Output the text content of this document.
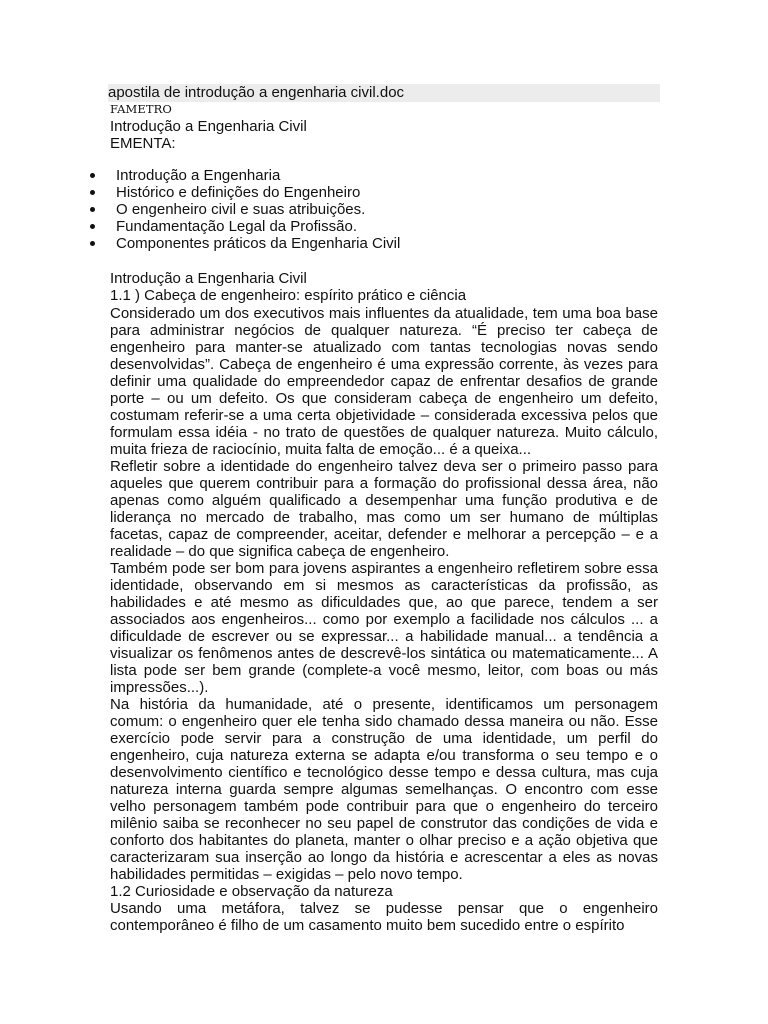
apostila de introdução a engenharia civil.doc
FAMETRO
Introdução a Engenharia Civil
EMENTA:
Introdução a Engenharia
Histórico e definições do Engenheiro
O engenheiro civil e suas atribuições.
Fundamentação Legal da Profissão.
Componentes práticos da Engenharia Civil
Introdução a Engenharia Civil
1.1 ) Cabeça de engenheiro: espírito prático e ciência

Considerado um dos executivos mais influentes da atualidade, tem uma boa base para administrar negócios de qualquer natureza. “É preciso ter cabeça de engenheiro para manter-se atualizado com tantas tecnologias novas sendo desenvolvidas”. Cabeça de engenheiro é uma expressão corrente, às vezes para definir uma qualidade do empreendedor capaz de enfrentar desafios de grande porte – ou um defeito. Os que consideram cabeça de engenheiro um defeito, costumam referir-se a uma certa objetividade – considerada excessiva pelos que formulam essa idéia - no trato de questões de qualquer natureza. Muito cálculo, muita frieza de raciocínio, muita falta de emoção... é a queixa...

Refletir sobre a identidade do engenheiro talvez deva ser o primeiro passo para aqueles que querem contribuir para a formação do profissional dessa área, não apenas como alguém qualificado a desempenhar uma função produtiva e de liderança no mercado de trabalho, mas como um ser humano de múltiplas facetas, capaz de compreender, aceitar, defender e melhorar a percepção – e a realidade – do que significa cabeça de engenheiro.

Também pode ser bom para jovens aspirantes a engenheiro refletirem sobre essa identidade, observando em si mesmos as características da profissão, as habilidades e até mesmo as dificuldades que, ao que parece, tendem a ser associados aos engenheiros... como por exemplo a facilidade nos cálculos ... a dificuldade de escrever ou se expressar... a habilidade manual... a tendência a visualizar os fenômenos antes de descrevê-los sintática ou matematicamente... A lista pode ser bem grande (complete-a você mesmo, leitor, com boas ou más impressões...).

Na história da humanidade, até o presente, identificamos um personagem comum: o engenheiro quer ele tenha sido chamado dessa maneira ou não. Esse exercício pode servir para a construção de uma identidade, um perfil do engenheiro, cuja natureza externa se adapta e/ou transforma o seu tempo e o desenvolvimento científico e tecnológico desse tempo e dessa cultura, mas cuja natureza interna guarda sempre algumas semelhanças. O encontro com esse velho personagem também pode contribuir para que o engenheiro do terceiro milênio saiba se reconhecer no seu papel de construtor das condições de vida e conforto dos habitantes do planeta, manter o olhar preciso e a ação objetiva que caracterizaram sua inserção ao longo da história e acrescentar a eles as novas habilidades permitidas – exigidas – pelo novo tempo.

1.2 Curiosidade e observação da natureza

Usando uma metáfora, talvez se pudesse pensar que o engenheiro contemporâneo é filho de um casamento muito bem sucedido entre o espírito
